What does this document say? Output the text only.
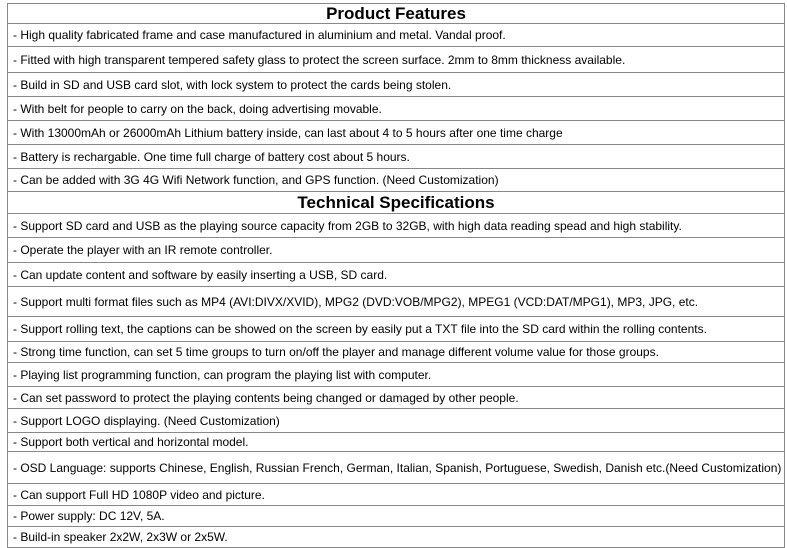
Product Features
- High quality fabricated frame and case manufactured in aluminium and metal. Vandal proof.
- Fitted with high transparent tempered safety glass to protect the screen surface. 2mm to 8mm thickness available.
- Build in SD and USB card slot, with lock system to protect the cards being stolen.
- With belt for people to carry on the back, doing advertising movable.
- With 13000mAh or 26000mAh Lithium battery inside, can last about 4 to 5 hours after one time charge
- Battery is rechargable. One time full charge of battery cost about 5 hours.
- Can be added with 3G 4G Wifi Network function, and GPS function. (Need Customization)
Technical Specifications
- Support SD card and USB as the playing source capacity from 2GB to 32GB, with high data reading spead and high stability.
- Operate the player with an IR remote controller.
- Can update content and software by easily inserting a USB, SD card.
- Support multi format files such as MP4 (AVI:DIVX/XVID), MPG2 (DVD:VOB/MPG2), MPEG1 (VCD:DAT/MPG1), MP3, JPG, etc.
- Support rolling text, the captions can be showed on the screen by easily put a TXT file into the SD card within the rolling contents.
- Strong time function, can set 5 time groups to turn on/off the player and manage different volume value for those groups.
- Playing list programming function, can program the playing list with computer.
- Can set password to protect the playing contents being changed or damaged by other people.
- Support LOGO displaying. (Need Customization)
- Support both vertical and horizontal model.
- OSD Language: supports Chinese, English, Russian French, German, Italian, Spanish, Portuguese, Swedish, Danish etc.(Need Customization)
- Can support Full HD 1080P video and picture.
- Power supply: DC 12V, 5A.
- Build-in speaker 2x2W, 2x3W or 2x5W.
